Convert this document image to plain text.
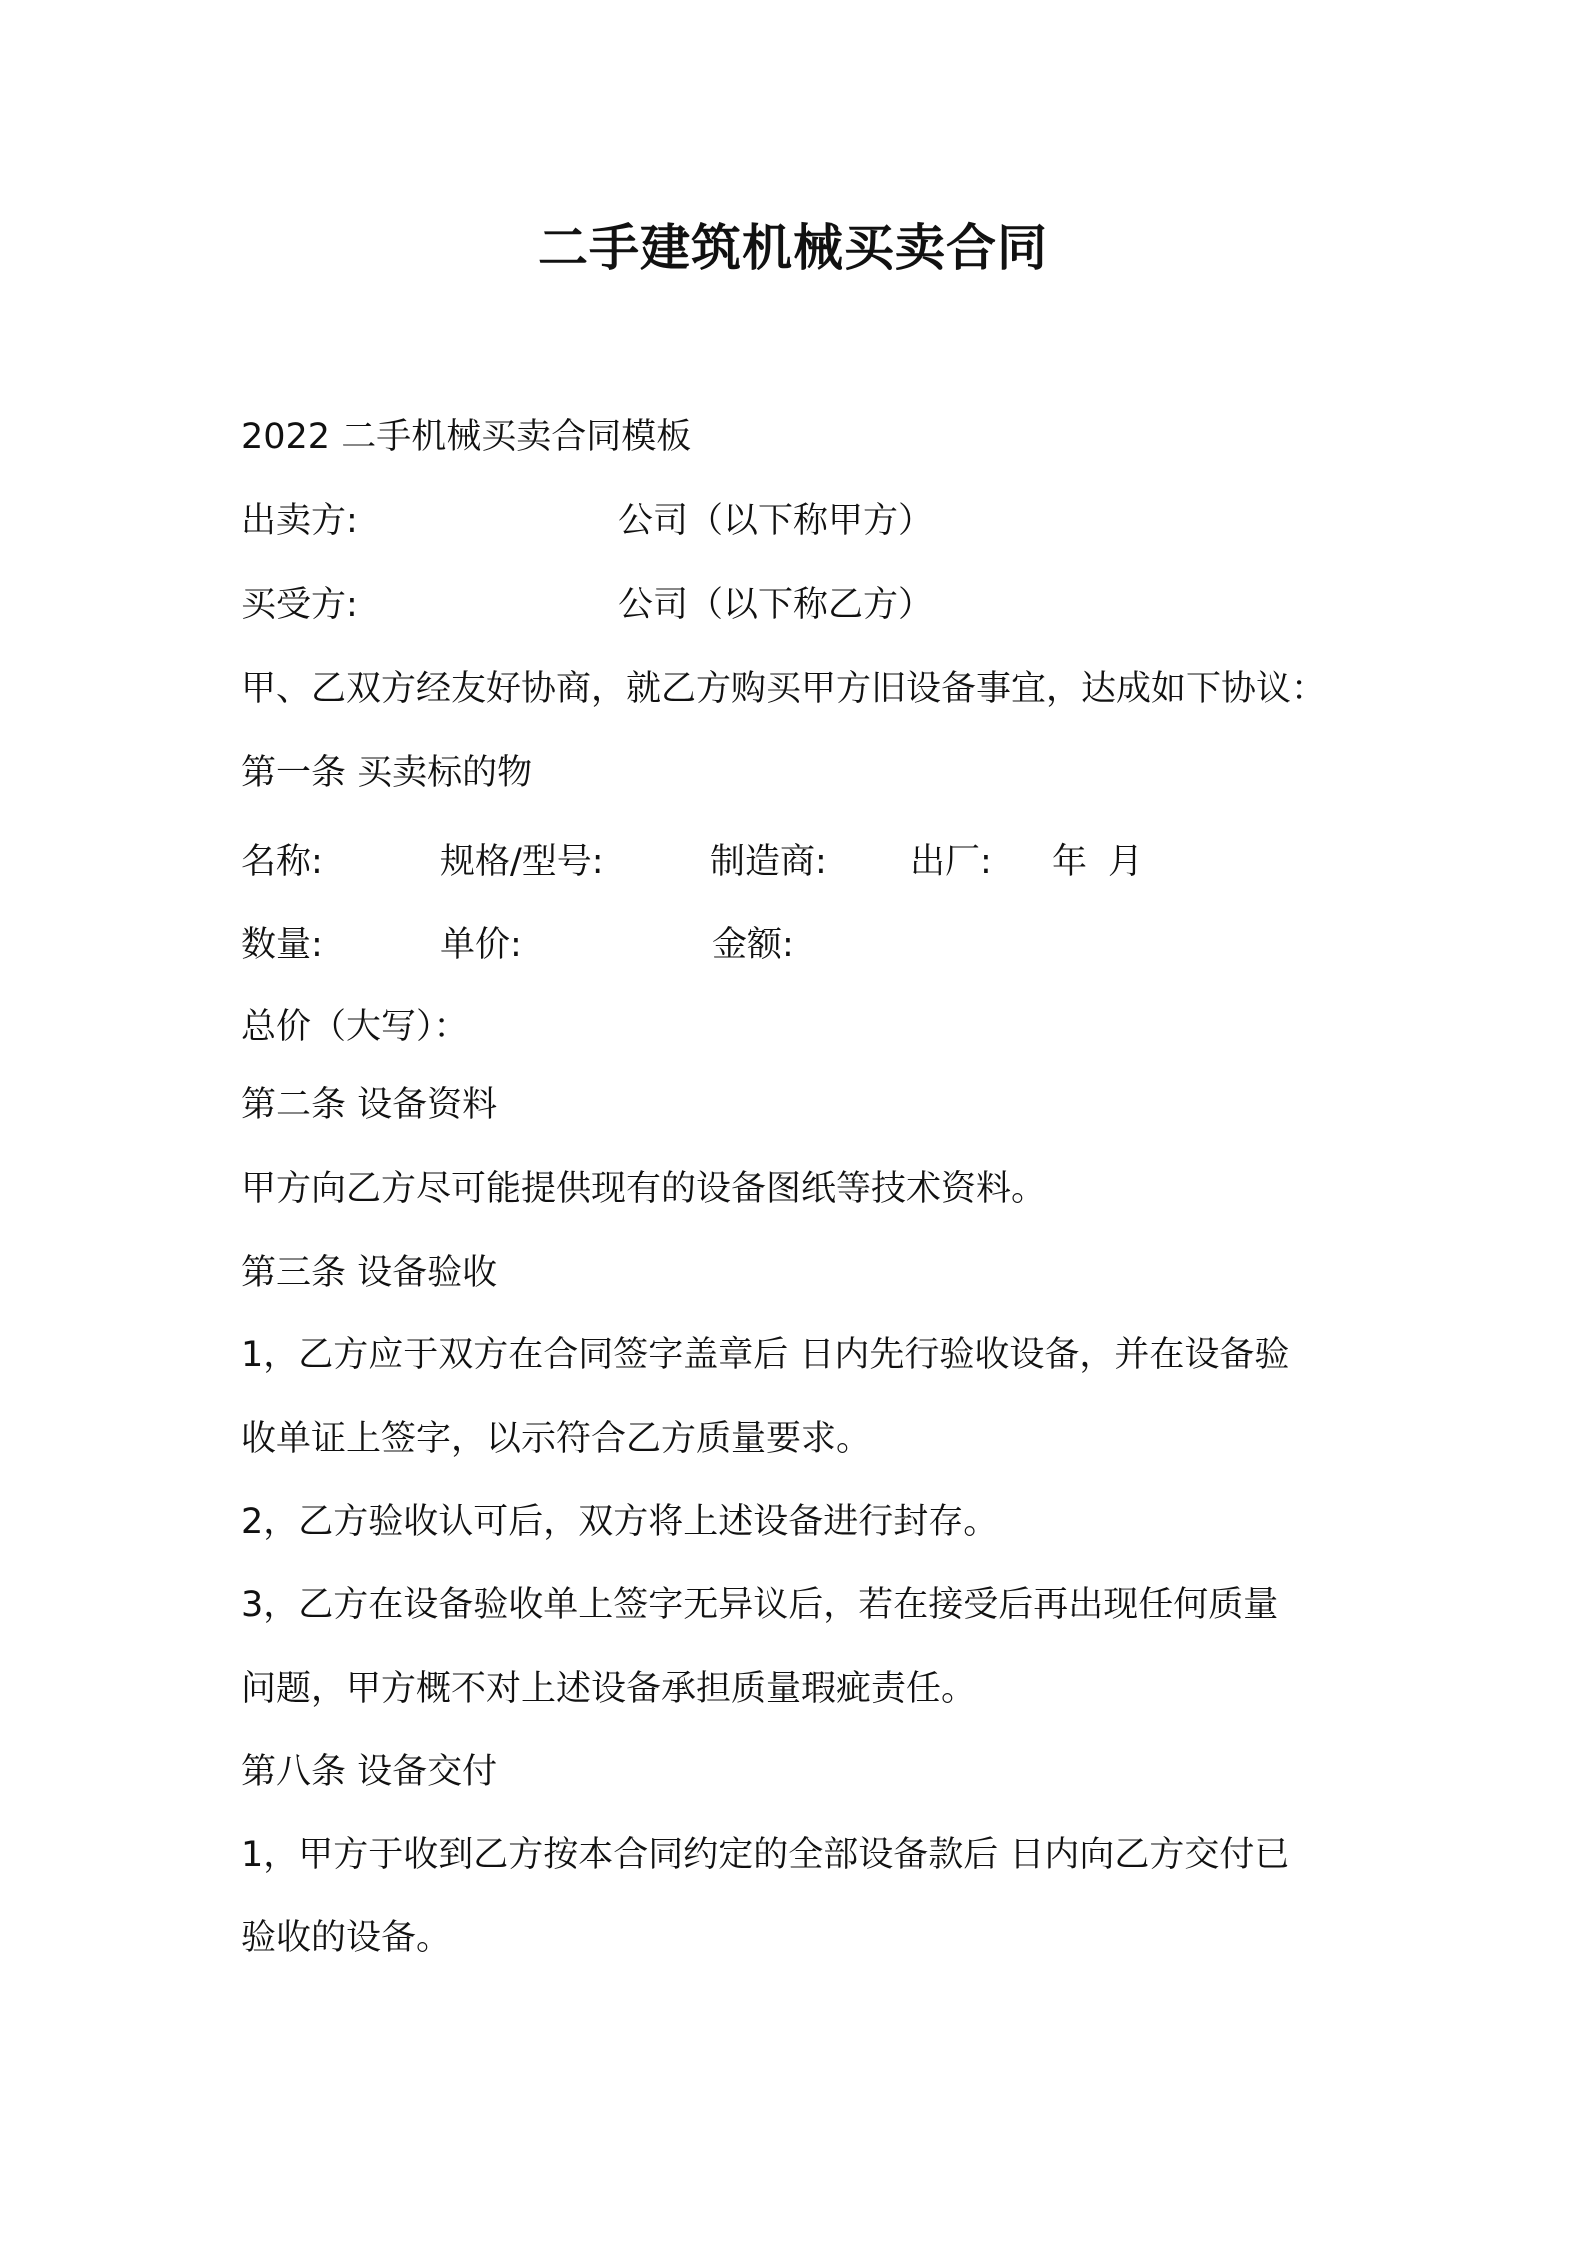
二手建筑机械买卖合同
2022 二手机械买卖合同模板
出卖方:	公司（以下称甲方）
买受方:	公司（以下称乙方）
甲、乙双方经友好协商，就乙方购买甲方旧设备事宜，达成如下协议：
第一条 买卖标的物
名称:	规格/型号:	制造商: 出厂: 年 月
数量:	单价:	金额:
总价（大写）：
第二条 设备资料
甲方向乙方尽可能提供现有的设备图纸等技术资料。
第三条 设备验收
1，乙方应于双方在合同签字盖章后 日内先行验收设备，并在设备验
收单证上签字，以示符合乙方质量要求。
2，乙方验收认可后，双方将上述设备进行封存。
3，乙方在设备验收单上签字无异议后，若在接受后再出现任何质量
问题，甲方概不对上述设备承担质量瑕疵责任。
第八条 设备交付
1，甲方于收到乙方按本合同约定的全部设备款后 日内向乙方交付已
验收的设备。
